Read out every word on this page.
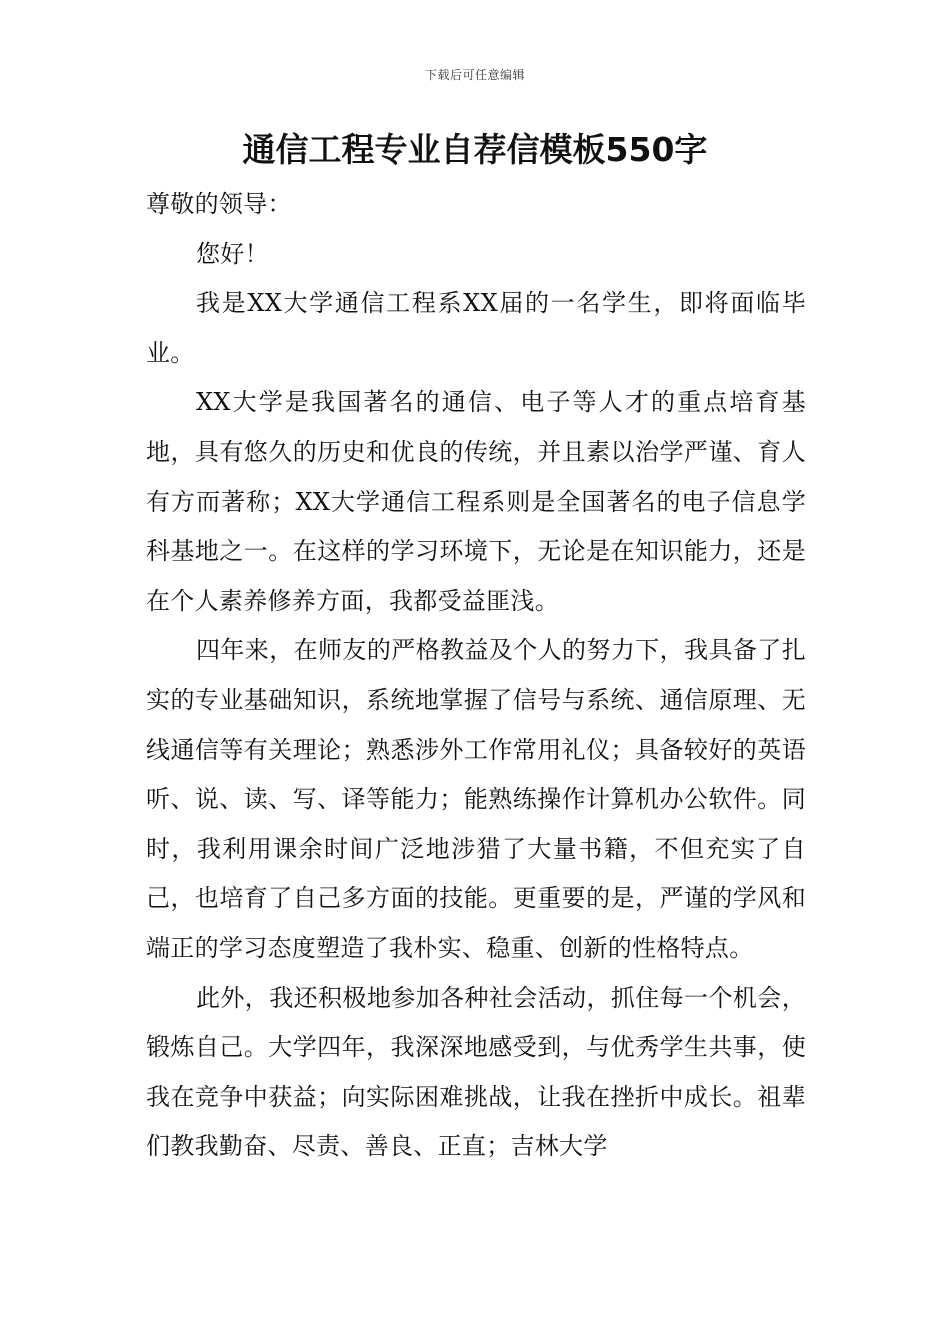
下载后可任意编辑
通信工程专业自荐信模板550字

尊敬的领导：

您好！

我是XX大学通信工程系XX届的一名学生，即将面临毕业。

XX大学是我国著名的通信、电子等人才的重点培育基地，具有悠久的历史和优良的传统，并且素以治学严谨、育人有方而著称；XX大学通信工程系则是全国著名的电子信息学科基地之一。在这样的学习环境下，无论是在知识能力，还是在个人素养修养方面，我都受益匪浅。

四年来，在师友的严格教益及个人的努力下，我具备了扎实的专业基础知识，系统地掌握了信号与系统、通信原理、无线通信等有关理论；熟悉涉外工作常用礼仪；具备较好的英语听、说、读、写、译等能力；能熟练操作计算机办公软件。同时，我利用课余时间广泛地涉猎了大量书籍，不但充实了自己，也培育了自己多方面的技能。更重要的是，严谨的学风和端正的学习态度塑造了我朴实、稳重、创新的性格特点。

此外，我还积极地参加各种社会活动，抓住每一个机会，锻炼自己。大学四年，我深深地感受到，与优秀学生共事，使我在竞争中获益；向实际困难挑战，让我在挫折中成长。祖辈们教我勤奋、尽责、善良、正直；吉林大学
